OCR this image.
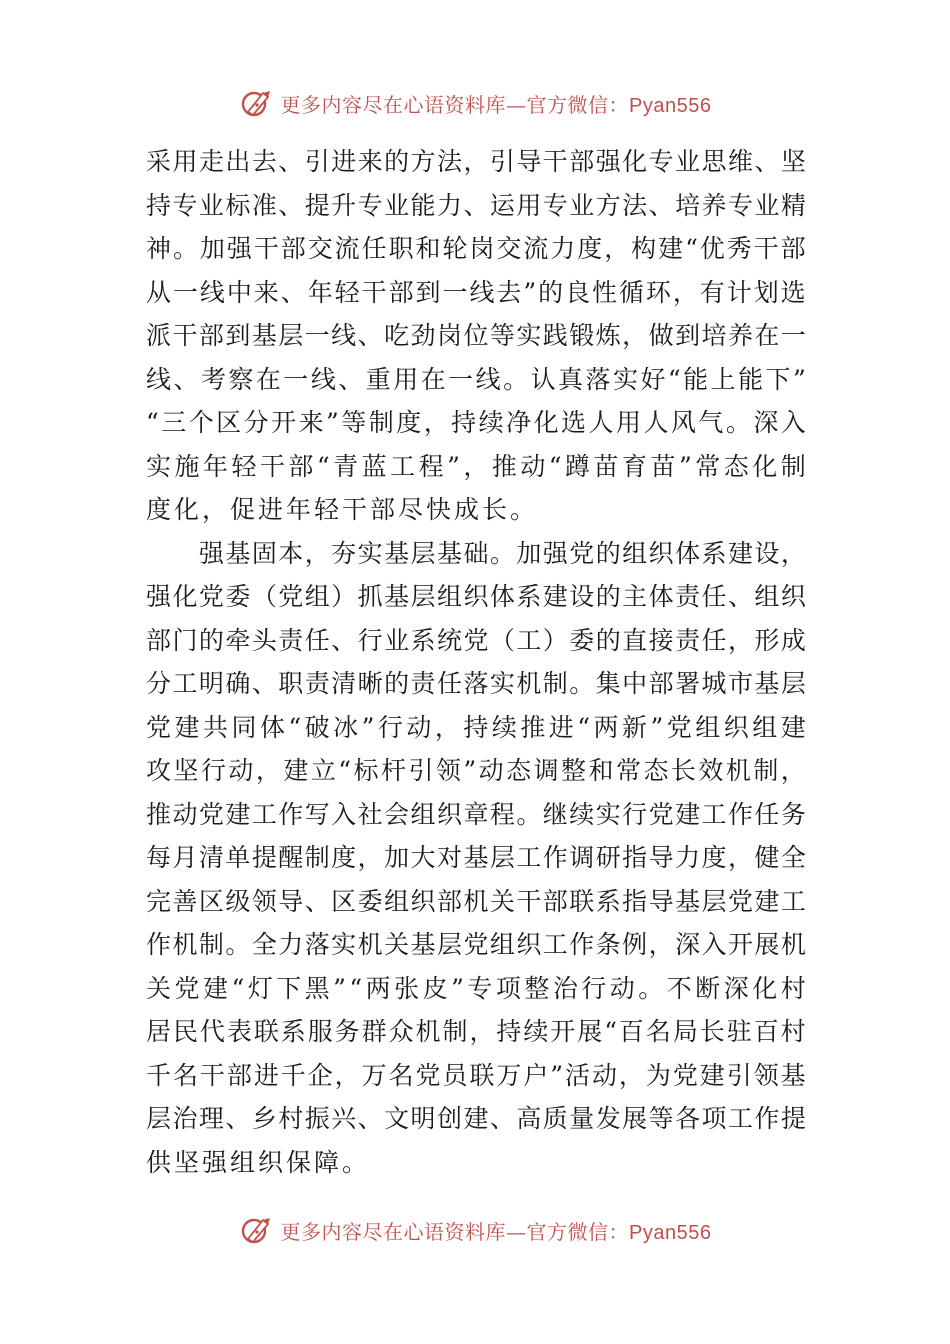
更多内容尽在心语资料库—官方微信：Pyan556
采 用 走 出 去 、 引 进 来 的 方 法 ， 引 导 干 部 强 化 专 业 思 维 、 坚
持 专 业 标 准 、 提 升 专 业 能 力 、 运 用 专 业 方 法 、 培 养 专 业 精
神 。 加 强 干 部 交 流 任 职 和 轮 岗 交 流 力 度 ， 构 建 “ 优 秀 干 部
从 一 线 中 来 、 年 轻 干 部 到 一 线 去 ” 的 良 性 循 环 ， 有 计 划 选
派 干 部 到 基 层 一 线 、 吃 劲 岗 位 等 实 践 锻 炼 ， 做 到 培 养 在 一
线 、 考 察 在 一 线 、 重 用 在 一 线 。 认 真 落 实 好 “ 能 上 能 下 ”
“ 三 个 区 分 开 来 ” 等 制 度 ， 持 续 净 化 选 人 用 人 风 气 。 深 入
实 施 年 轻 干 部 “ 青 蓝 工 程 ” ， 推 动 “ 蹲 苗 育 苗 ” 常 态 化 制
度化，促进年轻干部尽快成长。

强 基 固 本 ， 夯 实 基 层 基 础 。 加 强 党 的 组 织 体 系 建 设 ，
强 化 党 委 （ 党 组 ） 抓 基 层 组 织 体 系 建 设 的 主 体 责 任 、 组 织
部 门 的 牵 头 责 任 、 行 业 系 统 党 （ 工 ） 委 的 直 接 责 任 ， 形 成
分 工 明 确 、 职 责 清 晰 的 责 任 落 实 机 制 。 集 中 部 署 城 市 基 层
党 建 共 同 体 “ 破 冰 ” 行 动 ， 持 续 推 进 “ 两 新 ” 党 组 织 组 建
攻 坚 行 动 ， 建 立 “ 标 杆 引 领 ” 动 态 调 整 和 常 态 长 效 机 制 ，
推 动 党 建 工 作 写 入 社 会 组 织 章 程 。 继 续 实 行 党 建 工 作 任 务
每 月 清 单 提 醒 制 度 ， 加 大 对 基 层 工 作 调 研 指 导 力 度 ， 健 全
完 善 区 级 领 导 、 区 委 组 织 部 机 关 干 部 联 系 指 导 基 层 党 建 工
作 机 制 。 全 力 落 实 机 关 基 层 党 组 织 工 作 条 例 ， 深 入 开 展 机
关 党 建 “ 灯 下 黑 ” “ 两 张 皮 ” 专 项 整 治 行 动 。 不 断 深 化 村
居 民 代 表 联 系 服 务 群 众 机 制 ， 持 续 开 展 “ 百 名 局 长 驻 百 村
千 名 干 部 进 千 企 ， 万 名 党 员 联 万 户 ” 活 动 ， 为 党 建 引 领 基
层 治 理 、 乡 村 振 兴 、 文 明 创 建 、 高 质 量 发 展 等 各 项 工 作 提
供坚强组织保障。
更多内容尽在心语资料库—官方微信：Pyan556
